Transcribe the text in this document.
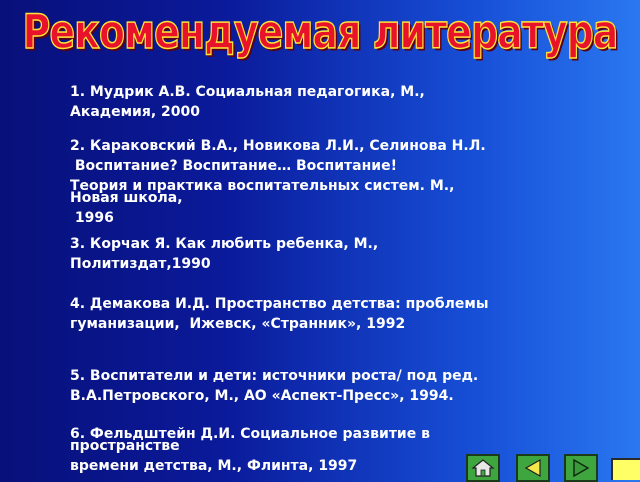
Рекомендуемая литература
1. Мудрик А.В. Социальная педагогика, М.,
Академия, 2000
2. Караковский В.А., Новикова Л.И., Селинова Н.Л.
Воспитание? Воспитание… Воспитание!
Теория и практика воспитательных систем. М.,
Новая школа,
1996
3. Корчак Я. Как любить ребенка, М.,
Политиздат,1990
4. Демакова И.Д. Пространство детства: проблемы
гуманизации,  Ижевск, «Странник», 1992
5. Воспитатели и дети: источники роста/ под ред.
В.А.Петровского, М., АО «Аспект-Пресс», 1994.
6. Фельдштейн Д.И. Социальное развитие в
пространстве
времени детства, М., Флинта, 1997
